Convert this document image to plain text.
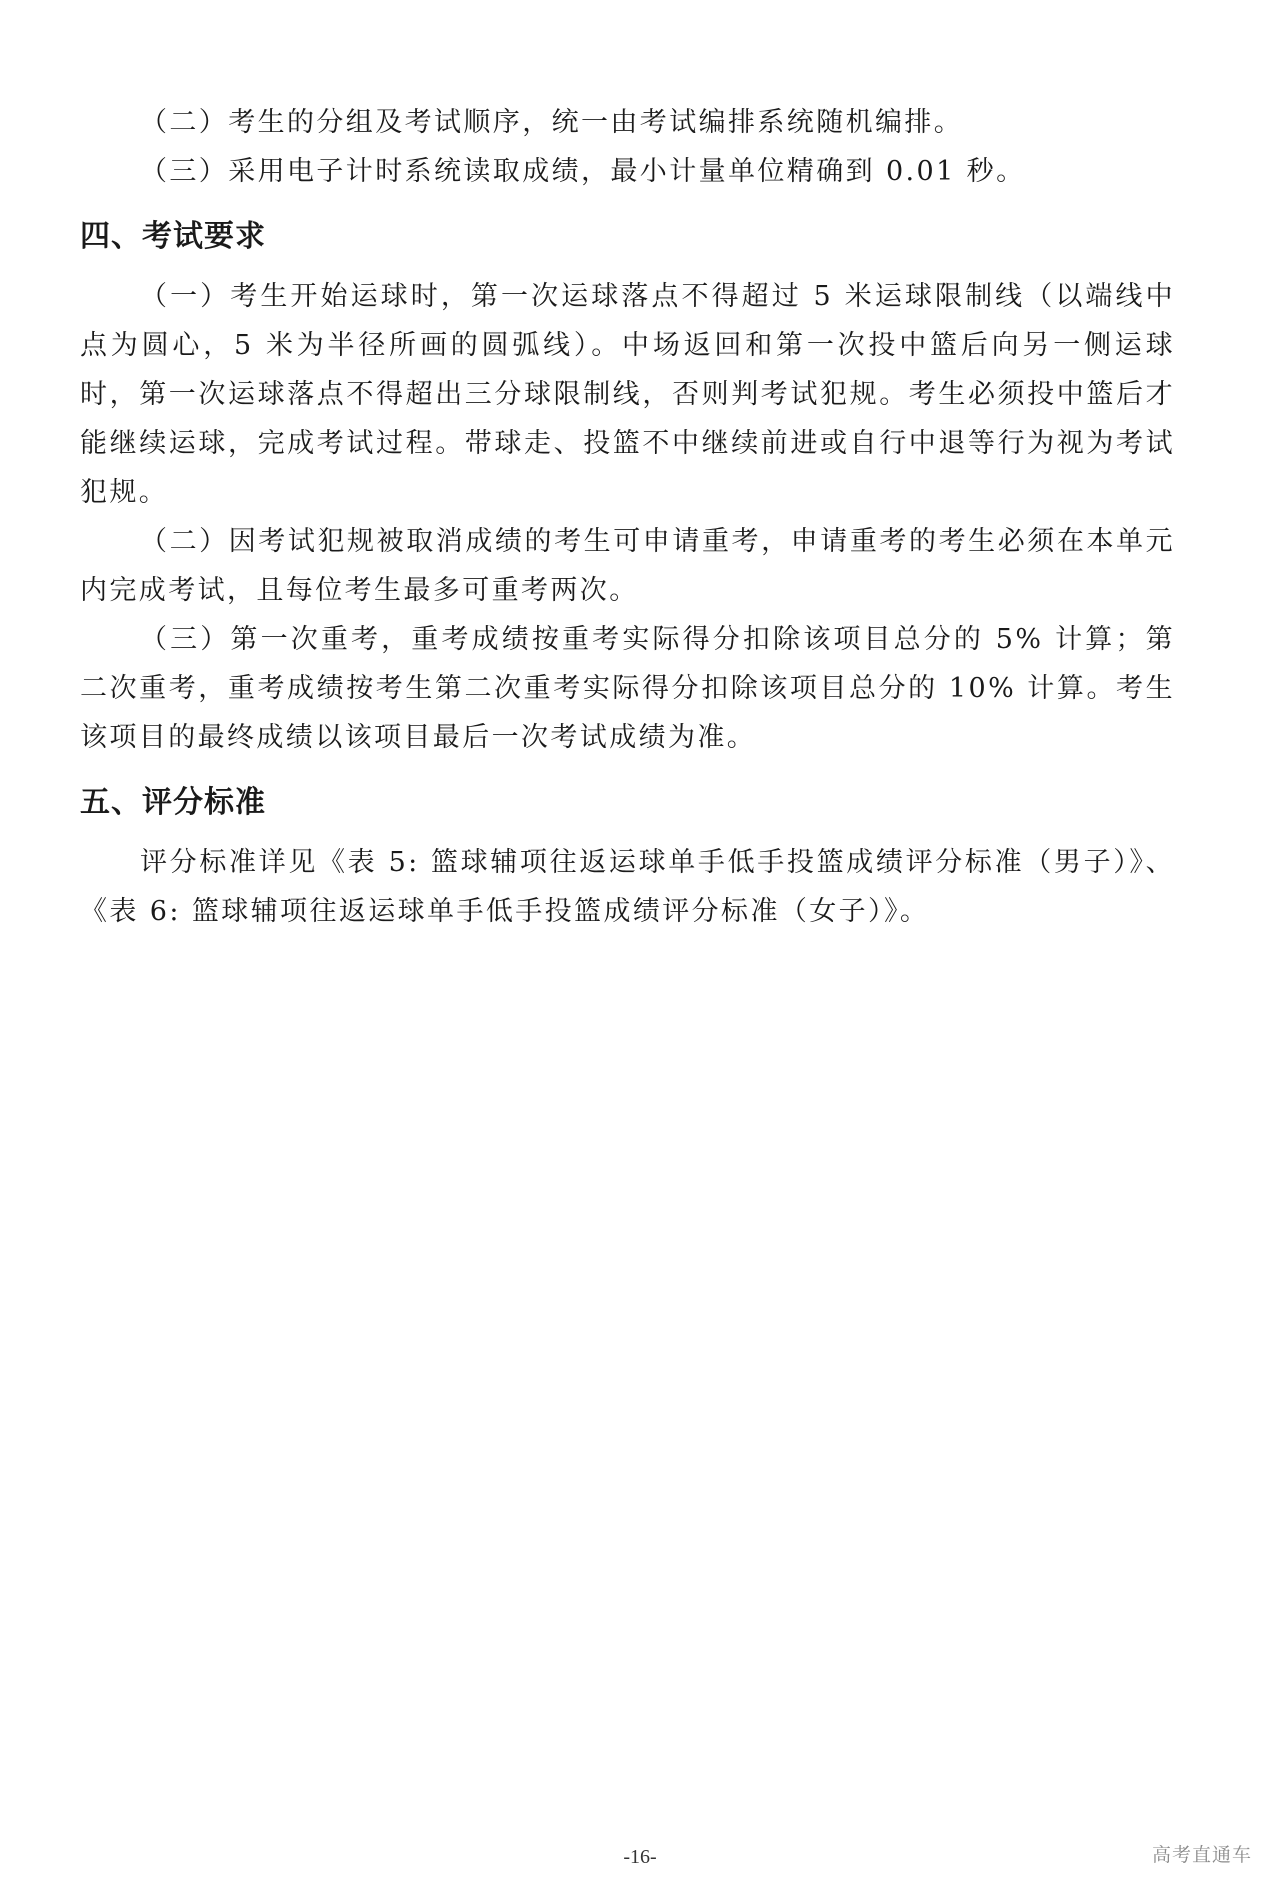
（二）考生的分组及考试顺序，统一由考试编排系统随机编排。

（三）采用电子计时系统读取成绩，最小计量单位精确到 0.01 秒。

四、考试要求

（一）考生开始运球时，第一次运球落点不得超过 5 米运球限制线（以端线中点为圆心，5 米为半径所画的圆弧线）。中场返回和第一次投中篮后向另一侧运球时，第一次运球落点不得超出三分球限制线，否则判考试犯规。考生必须投中篮后才能继续运球，完成考试过程。带球走、投篮不中继续前进或自行中退等行为视为考试犯规。

（二）因考试犯规被取消成绩的考生可申请重考，申请重考的考生必须在本单元内完成考试，且每位考生最多可重考两次。

（三）第一次重考，重考成绩按重考实际得分扣除该项目总分的 5% 计算；第二次重考，重考成绩按考生第二次重考实际得分扣除该项目总分的 10% 计算。考生该项目的最终成绩以该项目最后一次考试成绩为准。

五、评分标准

评分标准详见《表 5: 篮球辅项往返运球单手低手投篮成绩评分标准（男子）》、《表 6: 篮球辅项往返运球单手低手投篮成绩评分标准（女子）》。

-16-	高考直通车
